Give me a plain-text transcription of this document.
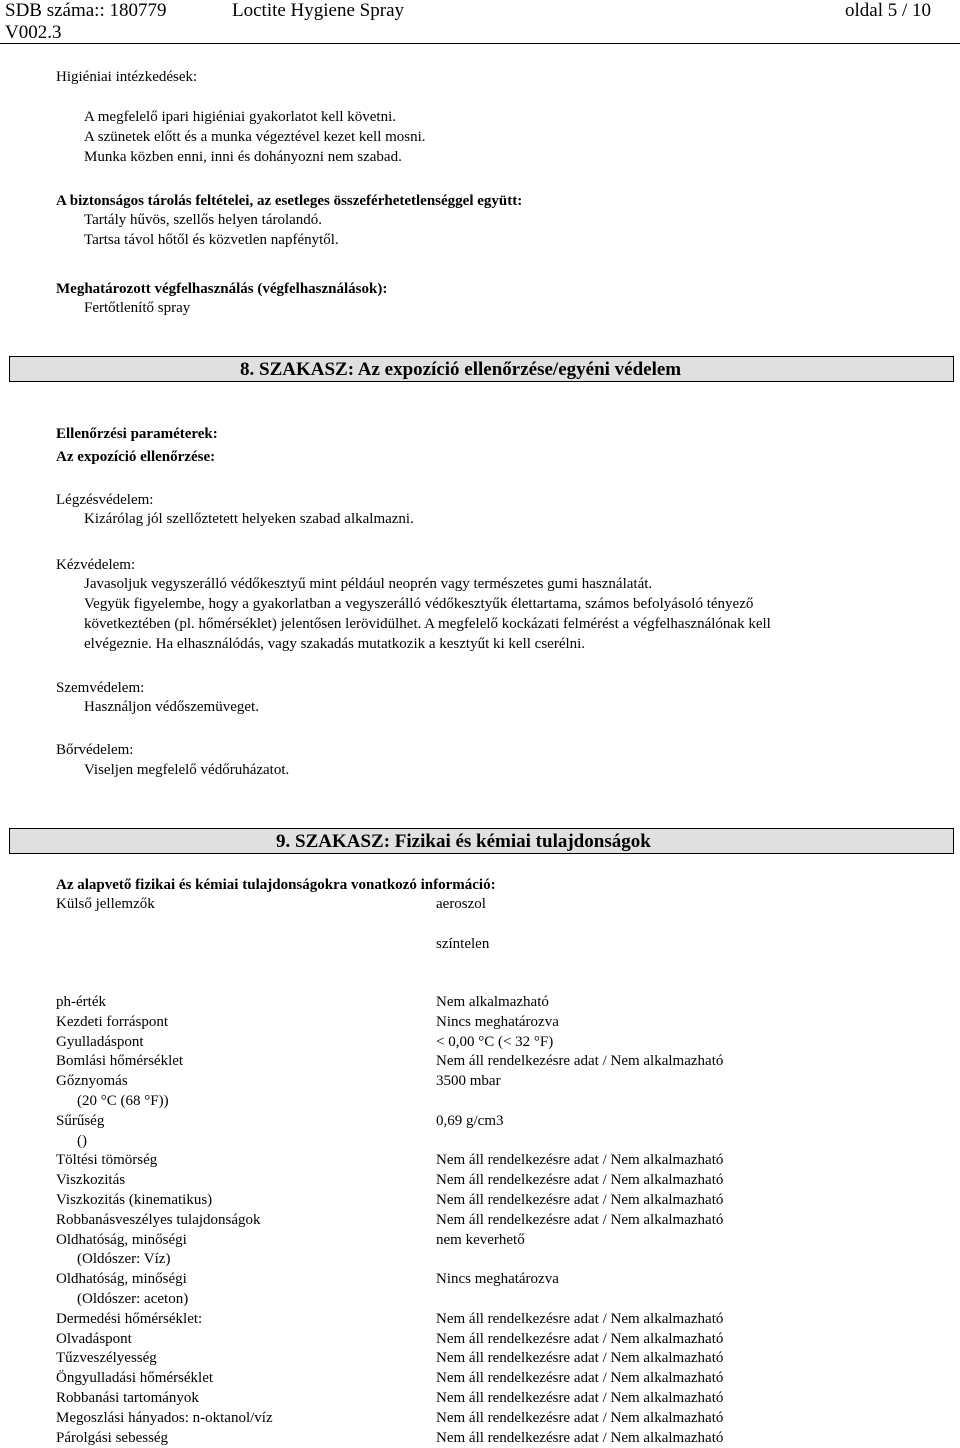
SDB száma:: 180779	Loctite Hygiene Spray	oldal 5 / 10
V002.3
Higiéniai intézkedések:
A megfelelő ipari higiéniai gyakorlatot kell követni.
A szünetek előtt és a munka végeztével kezet kell mosni.
Munka közben enni, inni és dohányozni nem szabad.
A biztonságos tárolás feltételei, az esetleges összeférhetetlenséggel együtt:
Tartály hűvös, szellős helyen tárolandó.
Tartsa távol hőtől és közvetlen napfénytől.
Meghatározott végfelhasználás (végfelhasználások):
Fertőtlenítő spray
8. SZAKASZ: Az expozíció ellenőrzése/egyéni védelem
Ellenőrzési paraméterek:
Az expozíció ellenőrzése:
Légzésvédelem:
Kizárólag jól szellőztetett helyeken szabad alkalmazni.
Kézvédelem:
Javasoljuk vegyszerálló védőkesztyű mint például neoprén vagy természetes gumi használatát.
Vegyük figyelembe, hogy a gyakorlatban a vegyszerálló védőkesztyűk élettartama, számos befolyásoló tényező
következtében (pl. hőmérséklet) jelentősen lerövidülhet. A megfelelő kockázati felmérést a végfelhasználónak kell
elvégeznie. Ha elhasználódás, vagy szakadás mutatkozik a kesztyűt ki kell cserélni.
Szemvédelem:
Használjon védőszemüveget.
Bőrvédelem:
Viseljen megfelelő védőruházatot.
9. SZAKASZ: Fizikai és kémiai tulajdonságok
Az alapvető fizikai és kémiai tulajdonságokra vonatkozó információ:
Külső jellemzők	aeroszol
színtelen
ph-érték	Nem alkalmazható
Kezdeti forráspont	Nincs meghatározva
Gyulladáspont	< 0,00 °C (< 32 °F)
Bomlási hőmérséklet	Nem áll rendelkezésre adat / Nem alkalmazható
Gőznyomás	3500 mbar
(20 °C (68 °F))
Sűrűség	0,69 g/cm3
()
Töltési tömörség	Nem áll rendelkezésre adat / Nem alkalmazható
Viszkozitás	Nem áll rendelkezésre adat / Nem alkalmazható
Viszkozitás (kinematikus)	Nem áll rendelkezésre adat / Nem alkalmazható
Robbanásveszélyes tulajdonságok	Nem áll rendelkezésre adat / Nem alkalmazható
Oldhatóság, minőségi	nem keverhető
(Oldószer: Víz)
Oldhatóság, minőségi	Nincs meghatározva
(Oldószer: aceton)
Dermedési hőmérséklet:	Nem áll rendelkezésre adat / Nem alkalmazható
Olvadáspont	Nem áll rendelkezésre adat / Nem alkalmazható
Tűzveszélyesség	Nem áll rendelkezésre adat / Nem alkalmazható
Öngyulladási hőmérséklet	Nem áll rendelkezésre adat / Nem alkalmazható
Robbanási tartományok	Nem áll rendelkezésre adat / Nem alkalmazható
Megoszlási hányados: n-oktanol/víz	Nem áll rendelkezésre adat / Nem alkalmazható
Párolgási sebesség	Nem áll rendelkezésre adat / Nem alkalmazható
